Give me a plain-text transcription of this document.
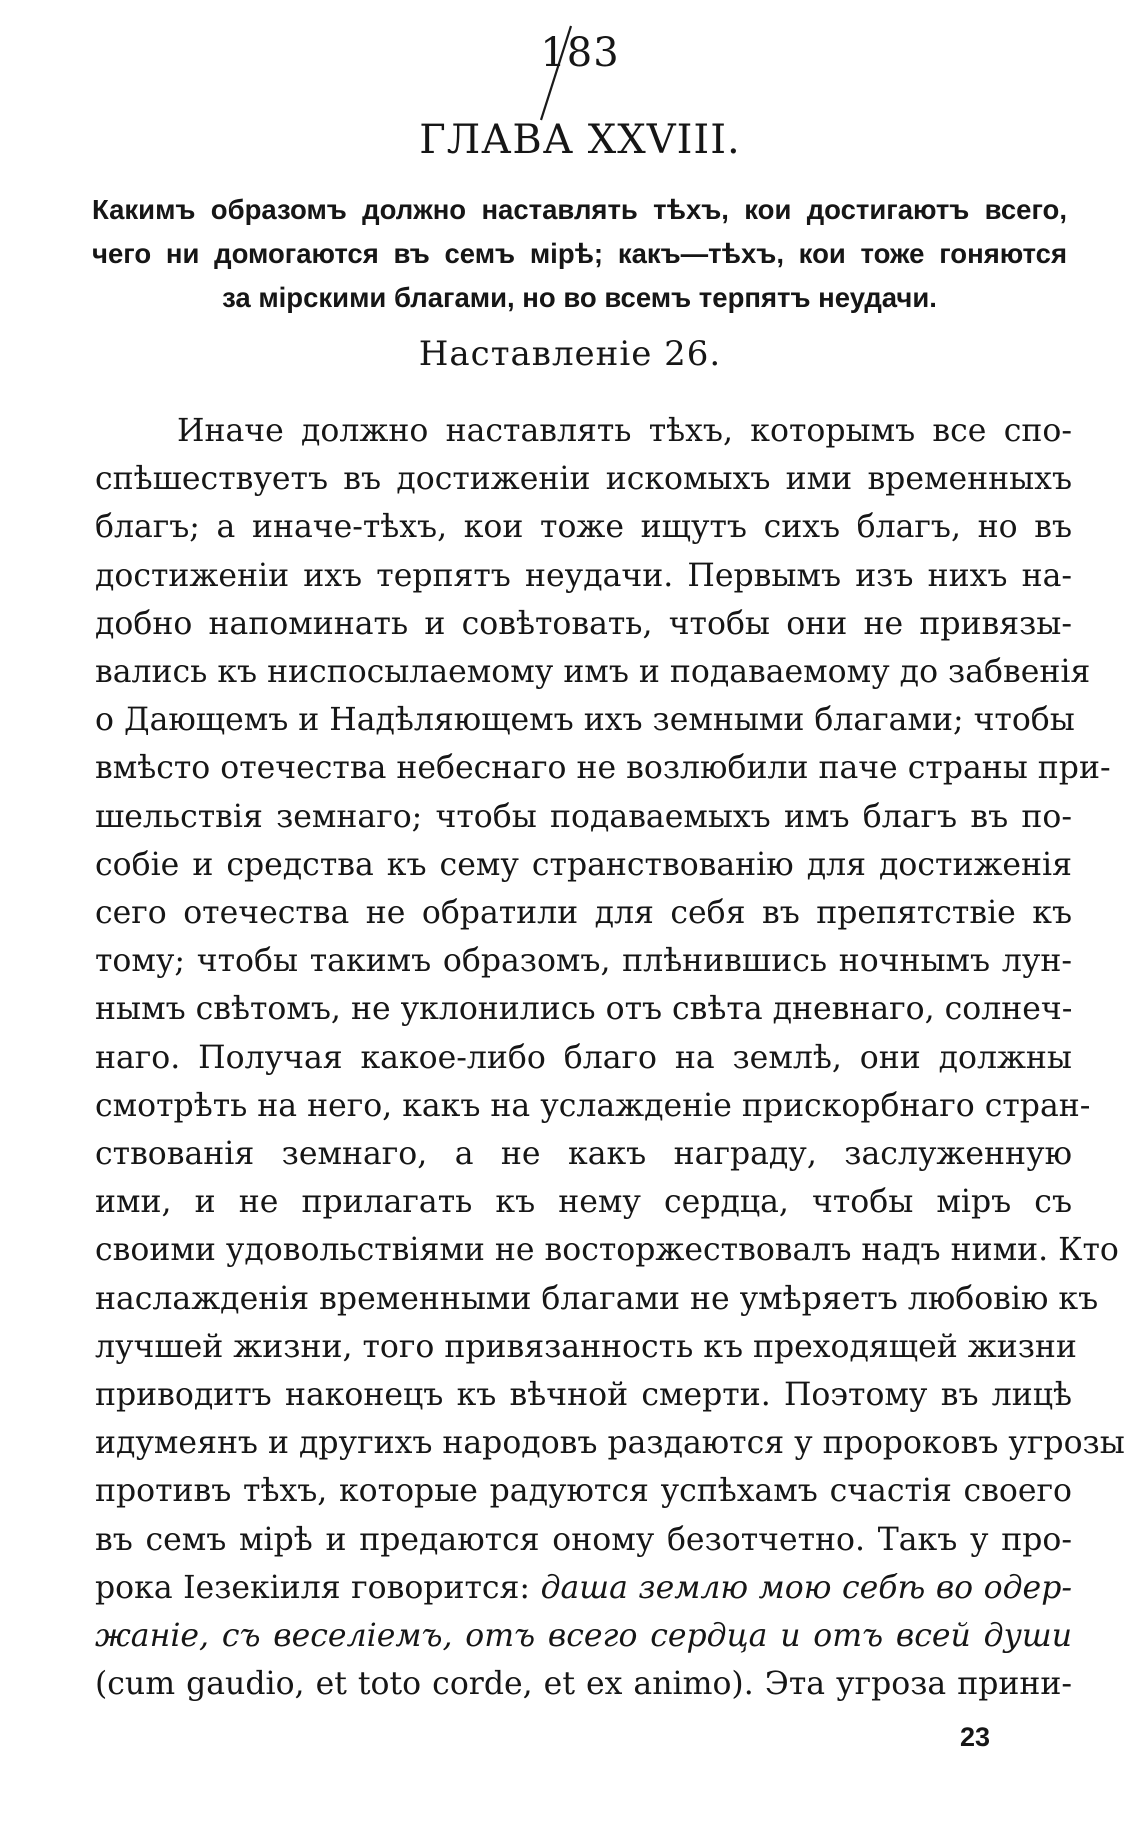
183
ГЛАВА XXVIII.
Какимъ образомъ должно наставлять тѣхъ, кои достигаютъ всего,
чего ни домогаются въ семъ мірѣ; какъ—тѣхъ, кои тоже гоняются
за мірскими благами, но во всемъ терпятъ неудачи.
Наставленіе 26.
Иначе должно наставлять тѣхъ, которымъ все спо-
спѣшествуетъ въ достиженіи искомыхъ ими временныхъ
благъ; а иначе-тѣхъ, кои тоже ищутъ сихъ благъ, но въ
достиженіи ихъ терпятъ неудачи. Первымъ изъ нихъ на-
добно напоминать и совѣтовать, чтобы они не привязы-
вались къ ниспосылаемому имъ и подаваемому до забвенія
о Дающемъ и Надѣляющемъ ихъ земными благами; чтобы
вмѣсто отечества небеснаго не возлюбили паче страны при-
шельствія земнаго; чтобы подаваемыхъ имъ благъ въ по-
собіе и средства къ сему странствованію для достиженія
сего отечества не обратили для себя въ препятствіе къ
тому; чтобы такимъ образомъ, плѣнившись ночнымъ лун-
нымъ свѣтомъ, не уклонились отъ свѣта дневнаго, солнеч-
наго. Получая какое-либо благо на землѣ, они должны
смотрѣть на него, какъ на услажденіе прискорбнаго стран-
ствованія земнаго, а не какъ награду, заслуженную
ими, и не прилагать къ нему сердца, чтобы міръ съ
своими удовольствіями не восторжествовалъ надъ ними. Кто
наслажденія временными благами не умѣряетъ любовію къ
лучшей жизни, того привязанность къ преходящей жизни
приводитъ наконецъ къ вѣчной смерти. Поэтому въ лицѣ
идумеянъ и другихъ народовъ раздаются у пророковъ угрозы
противъ тѣхъ, которые радуются успѣхамъ счастія своего
въ семъ мірѣ и предаются оному безотчетно. Такъ у про-
рока Іезекіиля говорится: даша землю мою себѣ во одер-
жаніе, съ веселіемъ, отъ всего сердца и отъ всей души
(cum gaudio, et toto corde, et ex animo). Эта угроза прини-
23
